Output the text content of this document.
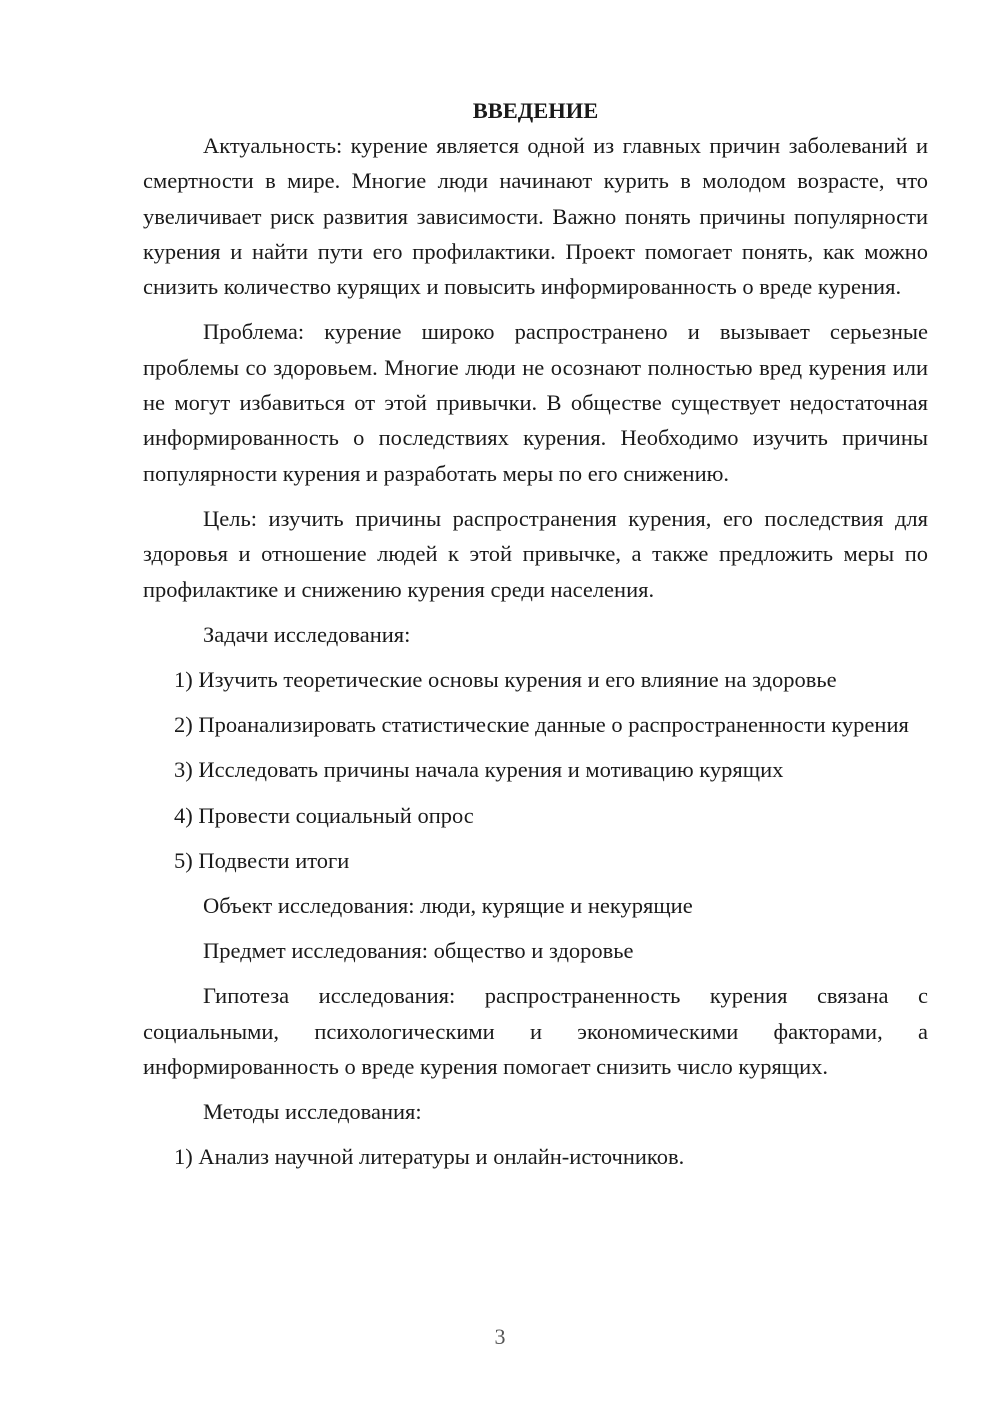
ВВЕДЕНИЕ

Актуальность: курение является одной из главных причин заболеваний и смертности в мире. Многие люди начинают курить в молодом возрасте, что увеличивает риск развития зависимости. Важно понять причины популярности курения и найти пути его профилактики. Проект помогает понять, как можно снизить количество курящих и повысить информированность о вреде курения.

Проблема: курение широко распространено и вызывает серьезные проблемы со здоровьем. Многие люди не осознают полностью вред курения или не могут избавиться от этой привычки. В обществе существует недостаточная информированность о последствиях курения. Необходимо изучить причины популярности курения и разработать меры по его снижению.

Цель: изучить причины распространения курения, его последствия для здоровья и отношение людей к этой привычке, а также предложить меры по профилактике и снижению курения среди населения.

Задачи исследования:

1) Изучить теоретические основы курения и его влияние на здоровье

2) Проанализировать статистические данные о распространенности курения

3) Исследовать причины начала курения и мотивацию курящих

4) Провести социальный опрос

5) Подвести итоги

Объект исследования: люди, курящие и некурящие
Предмет исследования: общество и здоровье

Гипотеза исследования: распространенность курения связана с социальными, психологическими и экономическими факторами, а информированность о вреде курения помогает снизить число курящих.

Методы исследования:

1) Анализ научной литературы и онлайн-источников.

3
